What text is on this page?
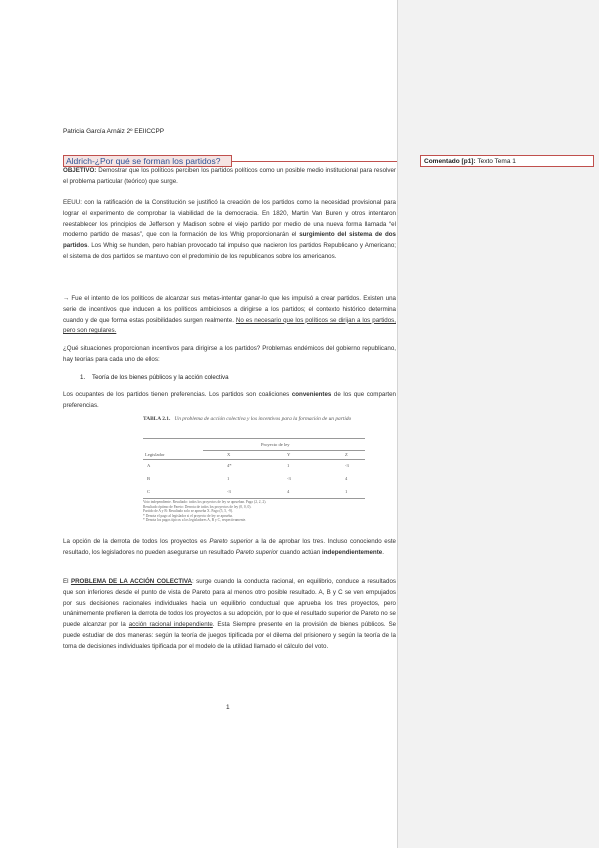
Patricia García Arnáiz 2º EEIICCPP
Aldrich-¿Por qué se forman los partidos?
OBJETIVO: Demostrar que los políticos perciben los partidos políticos como un posible medio institucional para resolver el problema particular (teórico) que surge.
EEUU: con la ratificación de la Constitución se justificó la creación de los partidos como la necesidad provisional para lograr el experimento de comprobar la viabilidad de la democracia. En 1820, Martin Van Buren y otros intentaron reestablecer los principios de Jefferson y Madison sobre el viejo partido por medio de una nueva forma llamada “el moderno partido de masas”, que con la formación de los Whig proporcionarán el surgimiento del sistema de dos partidos. Los Whig se hunden, pero habían provocado tal impulso que nacieron los partidos Republicano y Americano; el sistema de dos partidos se mantuvo con el predominio de los republicanos sobre los americanos.
→ Fue el intento de los políticos de alcanzar sus metas-intentar ganar-lo que les impulsó a crear partidos. Existen una serie de incentivos que inducen a los políticos ambiciosos a dirigirse a los partidos; el contexto histórico determina cuando y de que forma estas posibilidades surgen realmente. No es necesario que los políticos se dirijan a los partidos, pero son regulares.
¿Qué situaciones proporcionan incentivos para dirigirse a los partidos? Problemas endémicos del gobierno republicano, hay teorías para cada uno de ellos:
1. Teoría de los bienes públicos y la acción colectiva
Los ocupantes de los partidos tienen preferencias. Los partidos son coaliciones convenientes de los que comparten preferencias.
TABLA 2.1. Un problema de acción colectiva y los incentivos para la formación de un partido
Proyecto de ley
Legislador	X	Y	Z
A	4*	1	-3
B	1	-3	4
C	-3	4	1
Voto independiente. Resultado: todos los proyectos de ley se aprueban. Pago (2, 2, 2).
Resultado óptimo de Pareto: Derrota de todos los proyectos de ley (0, 0, 0).
Partido de A y B: Resultado solo se aprueba X. Pago (5, 5, -9).
* Denota el pago al legislador si el proyecto de ley se aprueba.
* Denota los pagos típicos a los legisladores A, B y C, respectivamente.
La opción de la derrota de todos los proyectos es Pareto superior a la de aprobar los tres. Incluso conociendo este resultado, los legisladores no pueden asegurarse un resultado Pareto superior cuando actúan independientemente.
El PROBLEMA DE LA ACCIÓN COLECTIVA: surge cuando la conducta racional, en equilibrio, conduce a resultados que son inferiores desde el punto de vista de Pareto para al menos otro posible resultado. A, B y C se ven empujados por sus decisiones racionales individuales hacia un equilibrio conductual que aprueba los tres proyectos, pero unánimemente prefieren la derrota de todos los proyectos a su adopción, por lo que el resultado superior de Pareto no se puede alcanzar por la acción racional independiente. Esta Siempre presente en la provisión de bienes públicos. Se puede estudiar de dos maneras: según la teoría de juegos tipificada por el dilema del prisionero y según la teoría de la toma de decisiones individuales tipificada por el modelo de la utilidad llamado el cálculo del voto.
1
Comentado [p1]: Texto Tema 1
